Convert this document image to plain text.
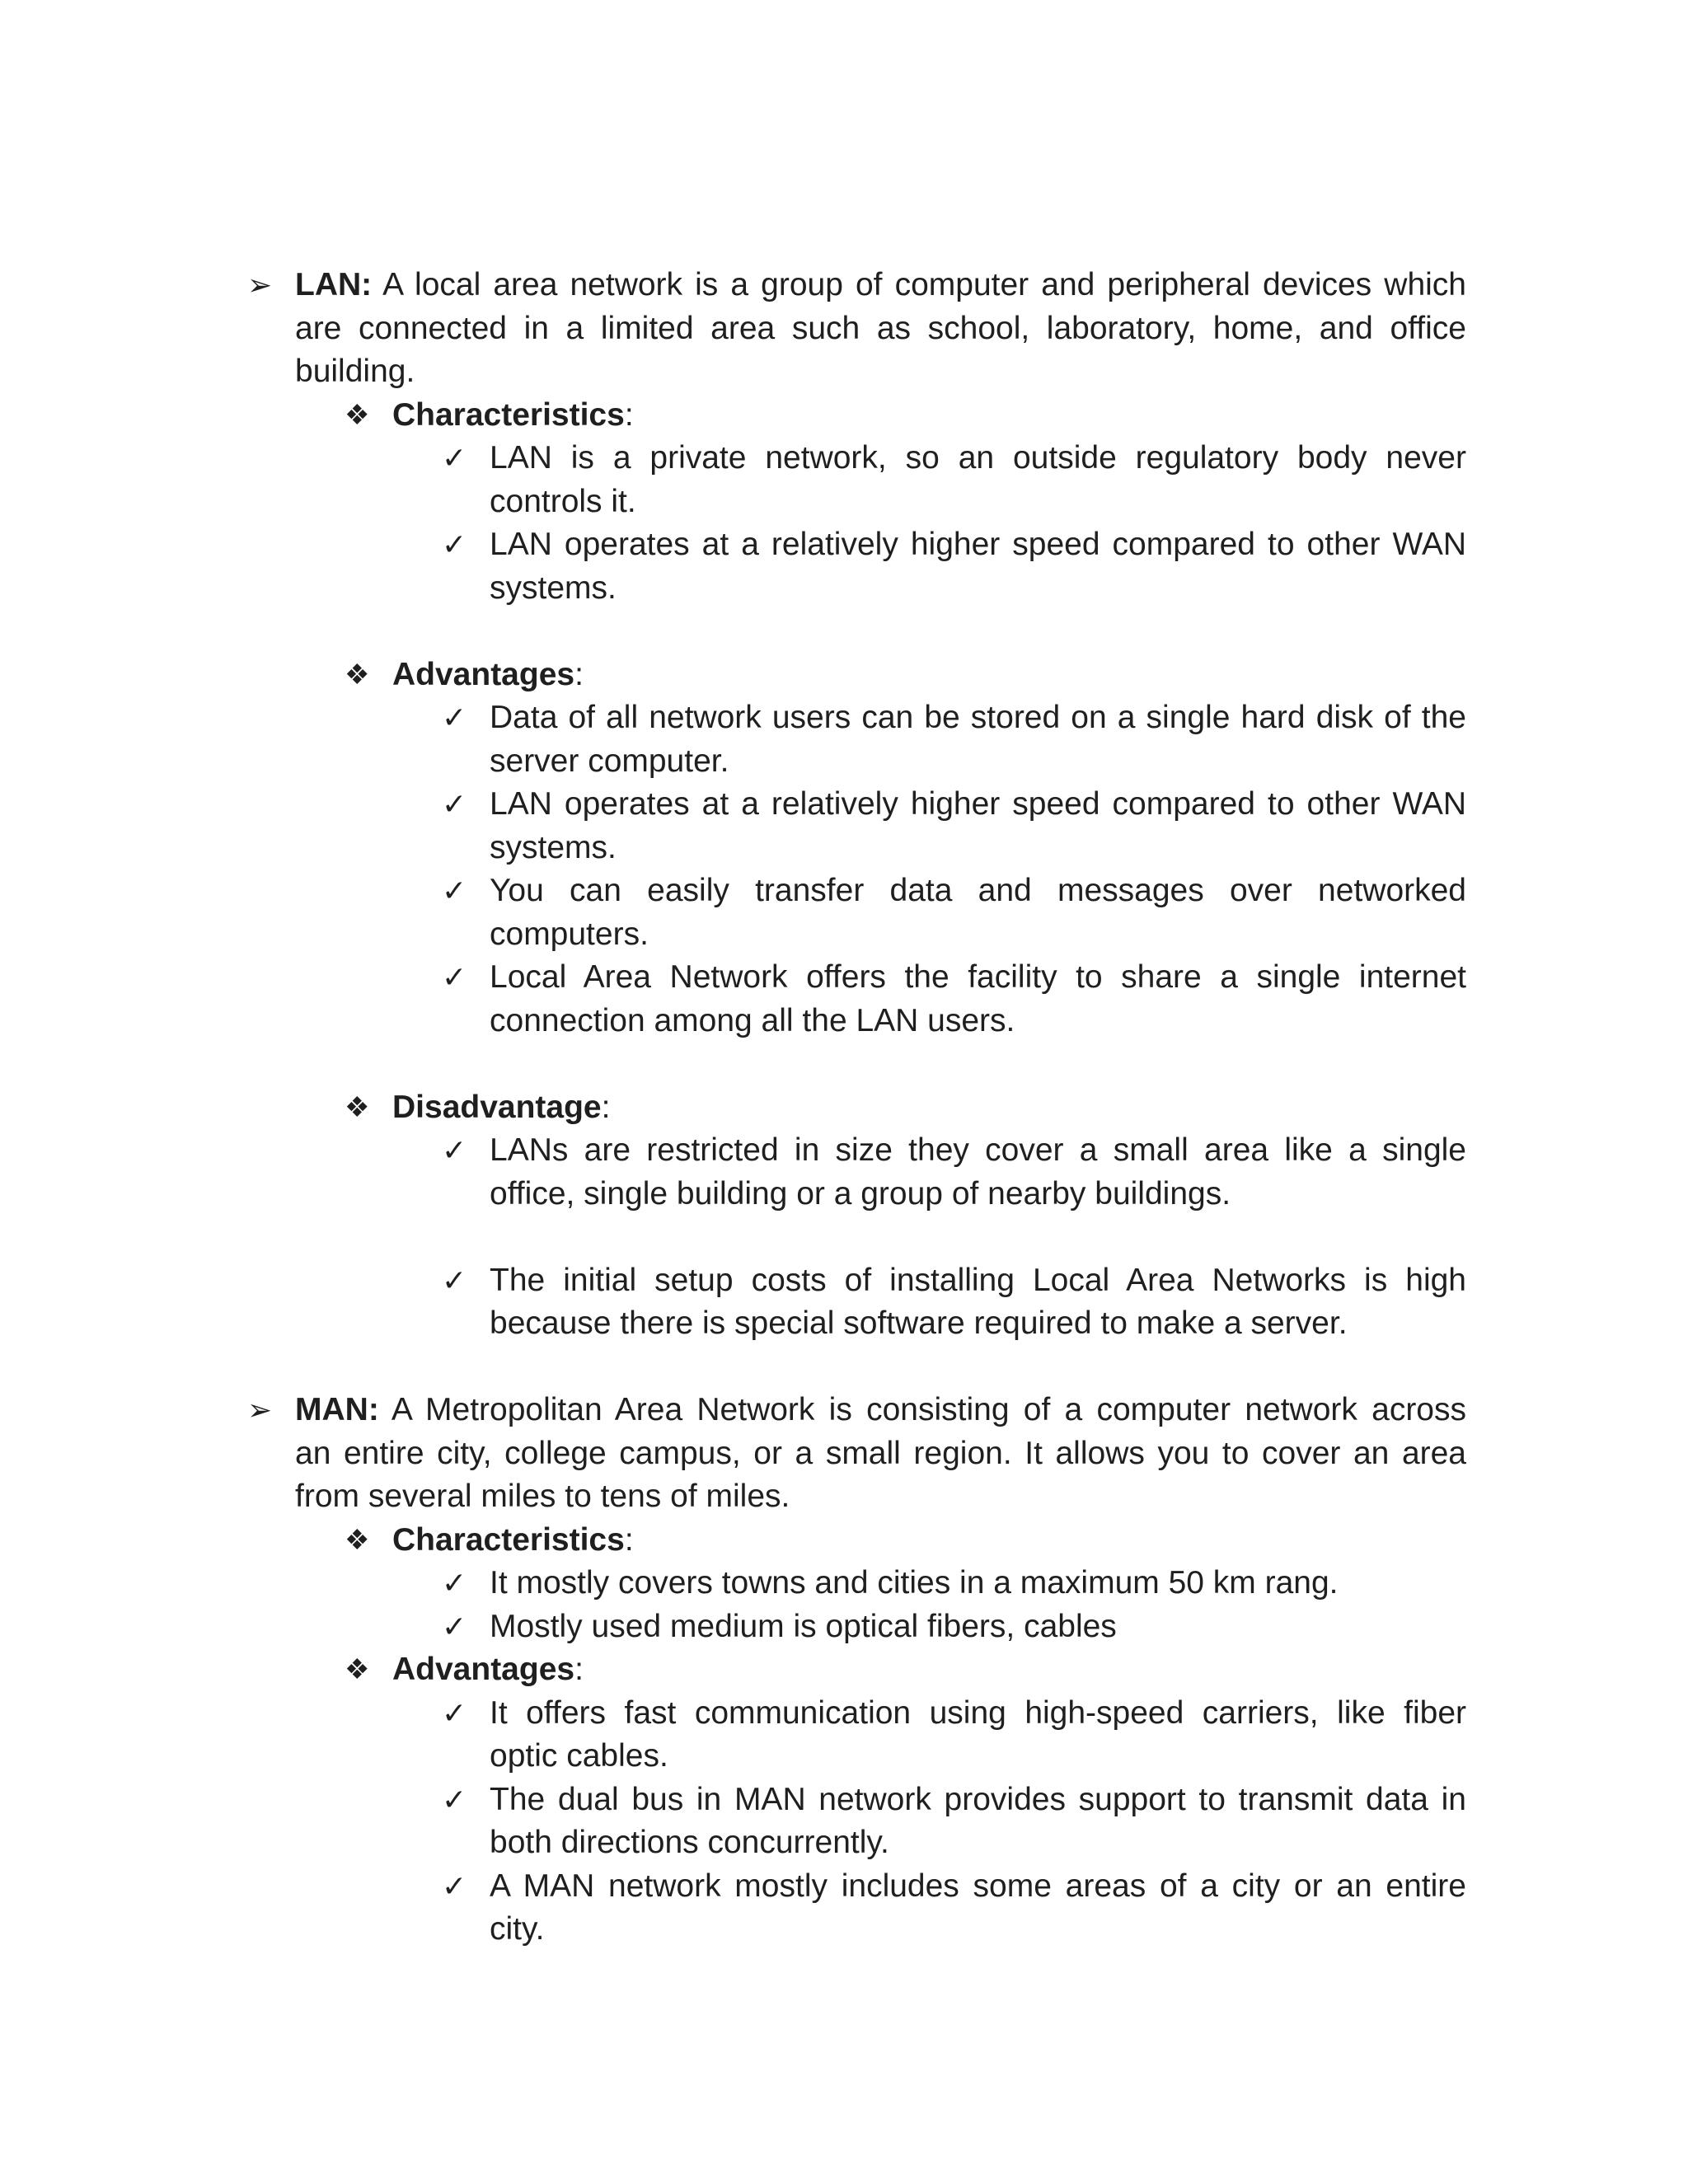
➢ LAN: A local area network is a group of computer and peripheral devices which
are connected in a limited area such as school, laboratory, home, and office
building.
❖ Characteristics:
✓ LAN is a private network, so an outside regulatory body never
controls it.
✓ LAN operates at a relatively higher speed compared to other WAN
systems.
❖ Advantages:
✓ Data of all network users can be stored on a single hard disk of the
server computer.
✓ LAN operates at a relatively higher speed compared to other WAN
systems.
✓ You can easily transfer data and messages over networked
computers.
✓ Local Area Network offers the facility to share a single internet
connection among all the LAN users.
❖ Disadvantage:
✓ LANs are restricted in size they cover a small area like a single
office, single building or a group of nearby buildings.
✓ The initial setup costs of installing Local Area Networks is high
because there is special software required to make a server.
➢ MAN: A Metropolitan Area Network is consisting of a computer network across
an entire city, college campus, or a small region. It allows you to cover an area
from several miles to tens of miles.
❖ Characteristics:
✓ It mostly covers towns and cities in a maximum 50 km rang.
✓ Mostly used medium is optical fibers, cables
❖ Advantages:
✓ It offers fast communication using high-speed carriers, like fiber
optic cables.
✓ The dual bus in MAN network provides support to transmit data in
both directions concurrently.
✓ A MAN network mostly includes some areas of a city or an entire
city.
